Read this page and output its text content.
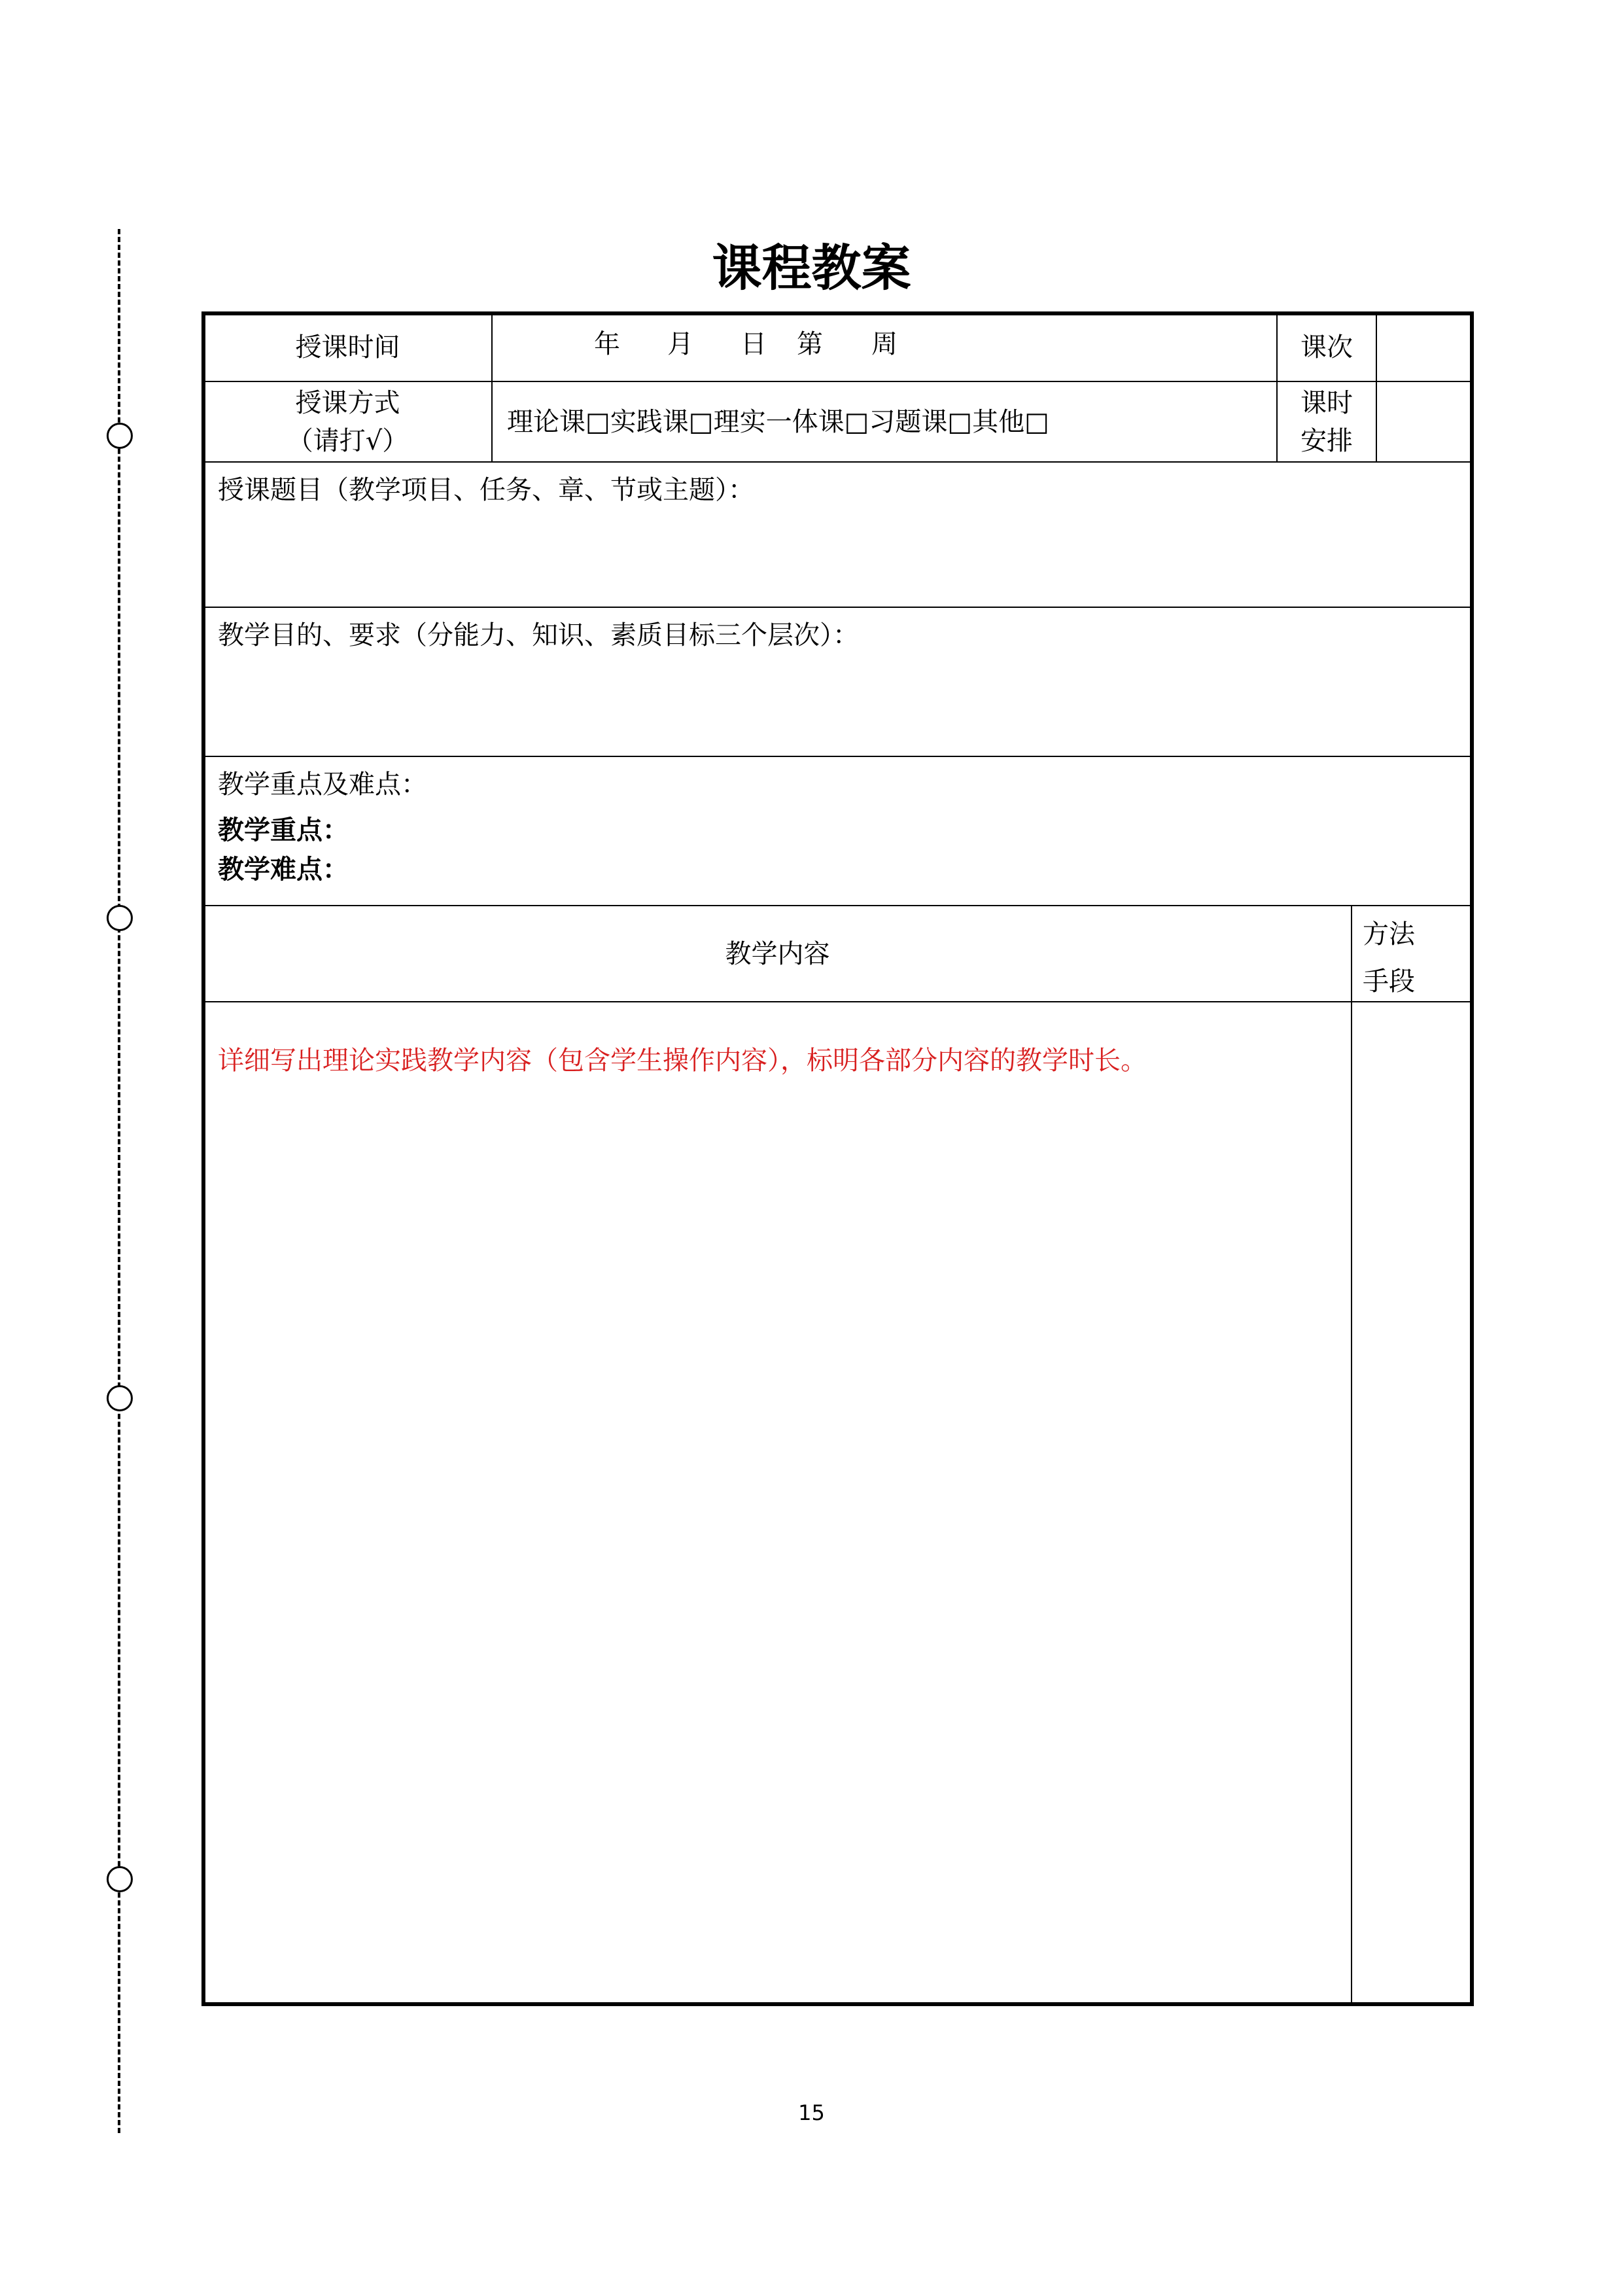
课程教案
授课时间	年 月 日 第 周	课次
授课方式
（请打√）
理论课□实践课□理实一体课□习题课□其他□
课时
安排
授课题目（教学项目、任务、章、节或主题）：
教学目的、要求（分能力、知识、素质目标三个层次）：
教学重点及难点：
教学重点：
教学难点：
教学内容
方法
手段
详细写出理论实践教学内容（包含学生操作内容），标明各部分内容的教学时长。
15
